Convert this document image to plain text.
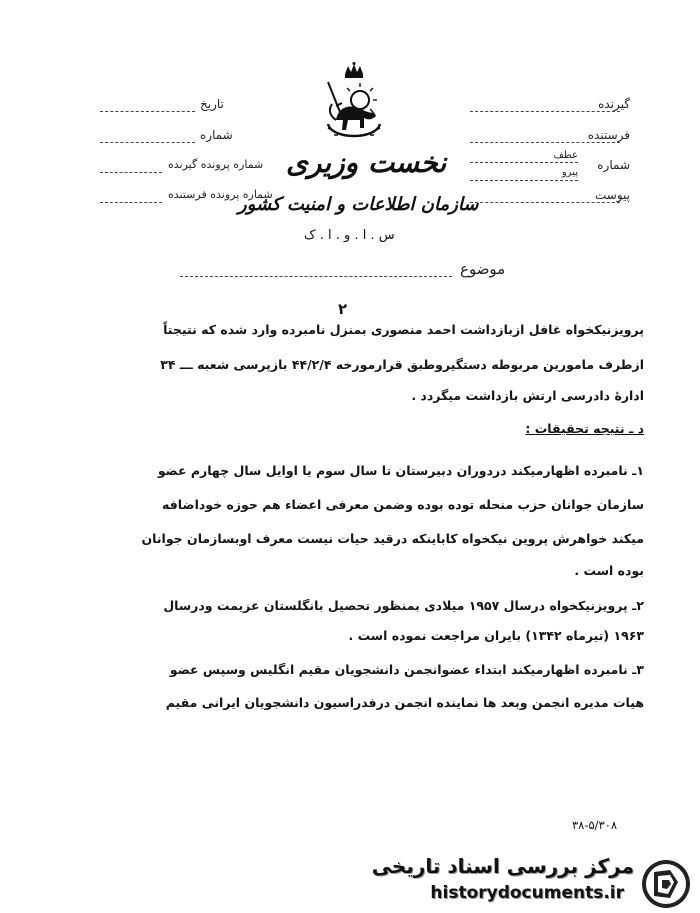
گیرنده
فرستنده
شماره
عطف
پیرو
پیوست
تاریخ
شماره
شماره پرونده گیرنده
شماره پرونده فرستنده
نخست وزیری
سازمان اطلاعات و امنیت کشور
س . ا . و . ا . ک
موضوع
۲
پرویزنیکخواه غافل ازبازداشت احمد منصوری بمنزل نامبرده وارد شده که نتیجتاً
ازطرف مامورین مربوطه دستگیروطبق قرارمورخه ۴۴/۲/۴ بازپرسی شعبه ـــ ۳۴
ادارهٔ دادرسی ارتش بازداشت میگردد .
د ـ نتیجه تحقیقات :
۱ـ نامبرده اظهارمیکند دردوران دبیرستان تا سال سوم یا اوایل سال چهارم عضو
سازمان جوانان حزب منحله توده بوده وضمن معرفی اعضاء هم حوزه خوداضافه
میکند خواهرش پروین نیکخواه کاباینکه درقید حیات نیست معرف اوبسازمان جوانان
بوده است .
۲ـ پرویزنیکخواه درسال ۱۹۵۷ میلادی بمنظور تحصیل بانگلستان عزیمت ودرسال
۱۹۶۳ (تیرماه ۱۳۴۲) بایران مراجعت نموده است .
۳ـ نامبرده اظهارمیکند ابتداء عضوانجمن دانشجویان مقیم انگلیس وسپس عضو
هیات مدیره انجمن وبعد ها نماینده انجمن درفدراسیون دانشجویان ایرانی مقیم
۳۸-۵/۳۰۸
مرکز بررسی اسناد تاریخی
historydocuments.ir
